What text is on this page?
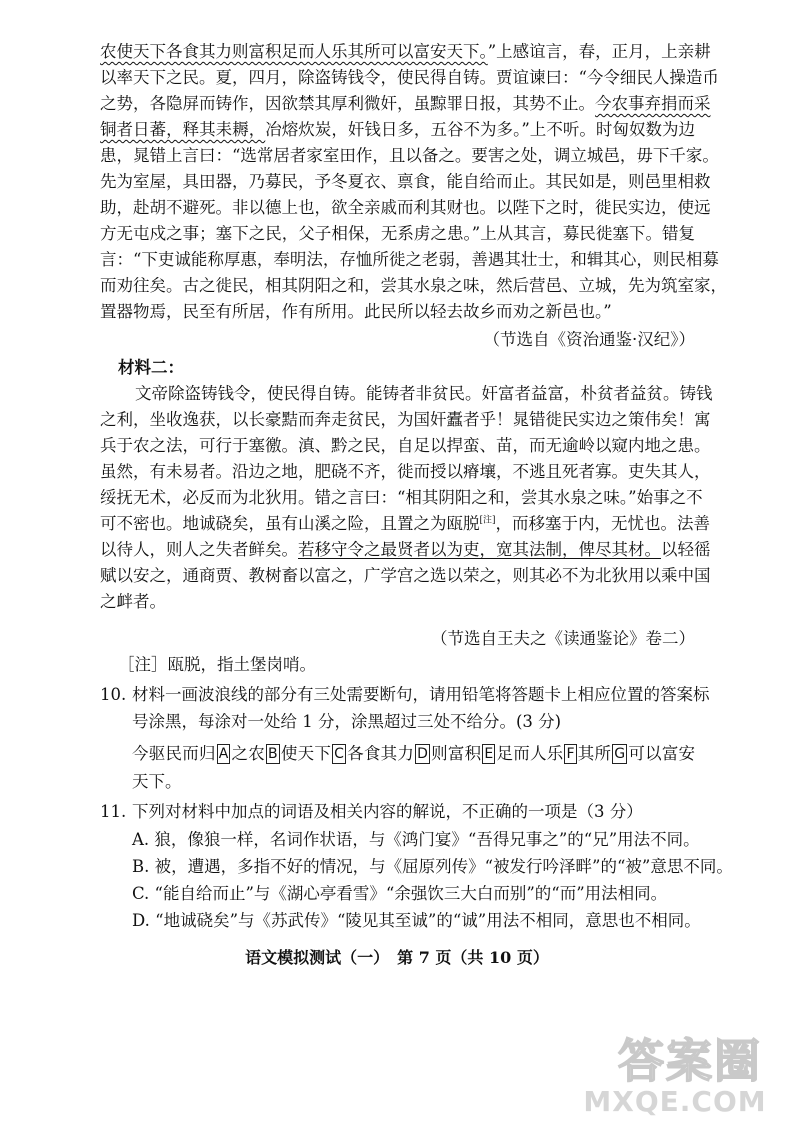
农使天下各食其力则富积足而人乐其所可以富安天下。”上感谊言，春，正月，上亲耕
以率天下之民。夏，四月，除盗铸钱令，使民得自铸。贾谊谏曰：“今令细民人操造币
之势，各隐屏而铸作，因欲禁其厚利微奸，虽黥罪日报，其势不止。今农事弃捐而采
铜者日蕃，释其耒耨，冶熔炊炭，奸钱日多，五谷不为多。”上不听。时匈奴数为边
患，晁错上言曰：“选常居者家室田作，且以备之。要害之处，调立城邑，毋下千家。
先为室屋，具田器，乃募民，予冬夏衣、禀食，能自给而止。其民如是，则邑里相救
助，赴胡不避死。非以德上也，欲全亲戚而利其财也。以陛下之时，徙民实边，使远
方无屯戍之事；塞下之民，父子相保，无系虏之患。”上从其言，募民徙塞下。错复
言：“下吏诚能称厚惠，奉明法，存恤所徙之老弱，善遇其壮士，和辑其心，则民相募
而劝往矣。古之徙民，相其阴阳之和，尝其水泉之味，然后营邑、立城，先为筑室家，
置器物焉，民至有所居，作有所用。此民所以轻去故乡而劝之新邑也。”
（节选自《资治通鉴·汉纪》）
材料二：
文帝除盗铸钱令，使民得自铸。能铸者非贫民。奸富者益富，朴贫者益贫。铸钱
之利，坐收逸获，以长豪黠而奔走贫民，为国奸蠹者乎！晁错徙民实边之策伟矣！寓
兵于农之法，可行于塞徼。滇、黔之民，自足以捍蛮、苗，而无逾岭以窥内地之患。
虽然，有未易者。沿边之地，肥硗不齐，徙而授以瘠壤，不逃且死者寡。吏失其人，
绥抚无术，必反而为北狄用。错之言曰：“相其阴阳之和，尝其水泉之味。”始事之不
可不密也。地诚硗矣，虽有山溪之险，且置之为瓯脱[注]，而移塞于内，无忧也。法善
以待人，则人之失者鲜矣。若移守令之最贤者以为吏，宽其法制，俾尽其材。以轻徭
赋以安之，通商贾、教树畜以富之，广学宫之选以荣之，则其必不为北狄用以乘中国
之衅者。
（节选自王夫之《读通鉴论》卷二）
［注］瓯脱，指土堡岗哨。
10. 材料一画波浪线的部分有三处需要断句，请用铅笔将答题卡上相应位置的答案标
号涂黑，每涂对一处给 1 分，涂黑超过三处不给分。(3 分)
今驱民而归 A 之农 B 使天下 C 各食其力 D 则富积 E 足而人乐 F 其所 G 可以富安
天下。
11. 下列对材料中加点的词语及相关内容的解说，不正确的一项是（3 分）
A. 狼，像狼一样，名词作状语，与《鸿门宴》“吾得兄事之”的“兄”用法不同。
B. 被，遭遇，多指不好的情况，与《屈原列传》“被发行吟泽畔”的“被”意思不同。
C. “能自给而止”与《湖心亭看雪》“余强饮三大白而别”的“而”用法相同。
D. “地诚硗矣”与《苏武传》“陵见其至诚”的“诚”用法不相同，意思也不相同。
语文模拟测试（一）　第 7 页（共 10 页）
答案圈
MXQE.COM
